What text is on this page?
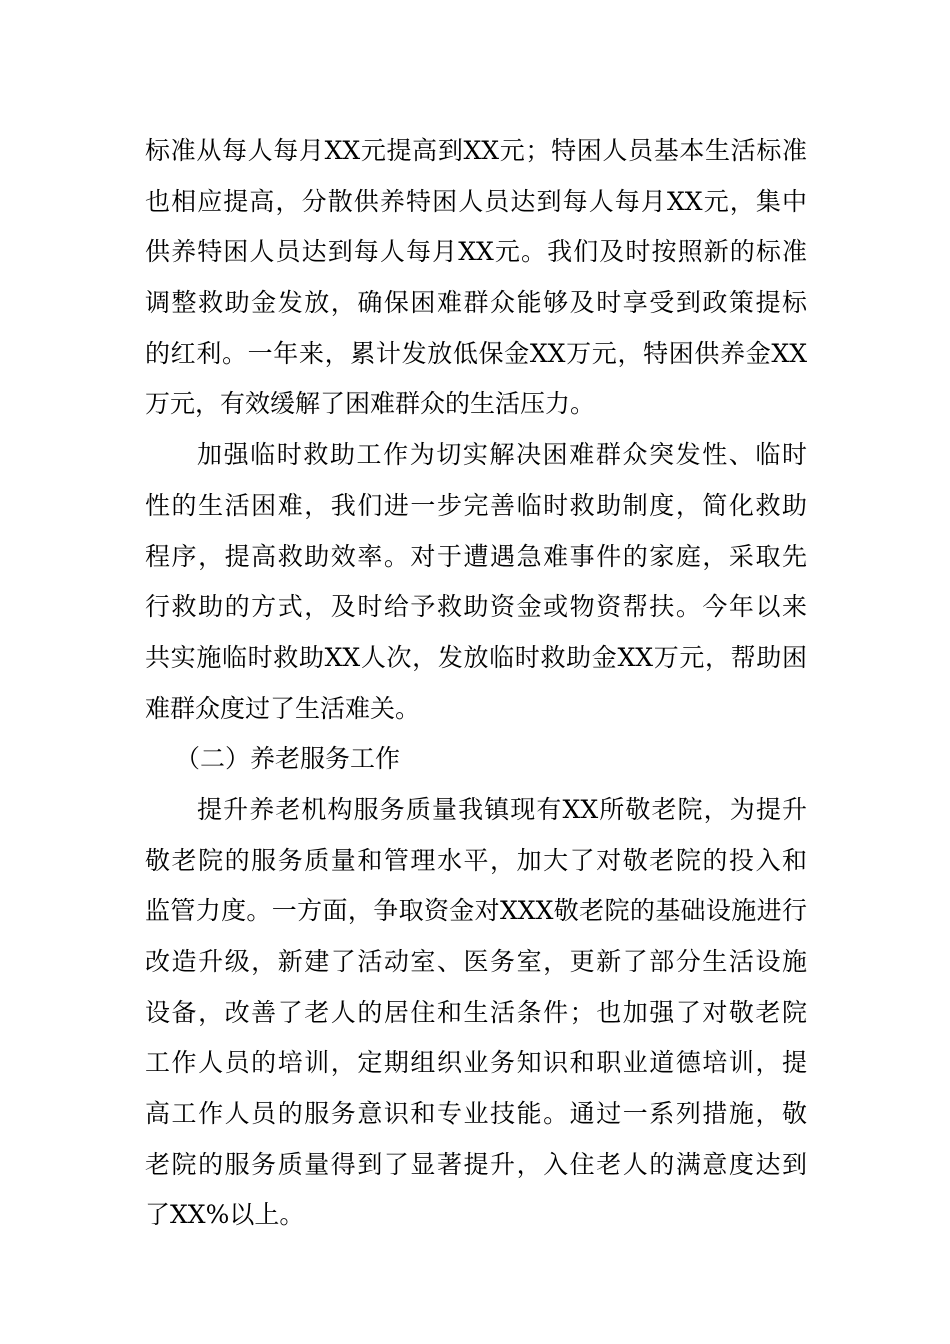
标准从每人每月XX元提高到XX元；特困人员基本生活标准
也相应提高，分散供养特困人员达到每人每月XX元，集中
供养特困人员达到每人每月XX元。我们及时按照新的标准
调整救助金发放，确保困难群众能够及时享受到政策提标
的红利。一年来，累计发放低保金XX万元，特困供养金XX
万元，有效缓解了困难群众的生活压力。
加强临时救助工作为切实解决困难群众突发性、临时
性的生活困难，我们进一步完善临时救助制度，简化救助
程序，提高救助效率。对于遭遇急难事件的家庭，采取先
行救助的方式，及时给予救助资金或物资帮扶。今年以来
共实施临时救助XX人次，发放临时救助金XX万元，帮助困
难群众度过了生活难关。
（二）养老服务工作
提升养老机构服务质量我镇现有XX所敬老院，为提升
敬老院的服务质量和管理水平，加大了对敬老院的投入和
监管力度。一方面，争取资金对XXX敬老院的基础设施进行
改造升级，新建了活动室、医务室，更新了部分生活设施
设备，改善了老人的居住和生活条件；也加强了对敬老院
工作人员的培训，定期组织业务知识和职业道德培训，提
高工作人员的服务意识和专业技能。通过一系列措施，敬
老院的服务质量得到了显著提升，入住老人的满意度达到
了XX%以上。
